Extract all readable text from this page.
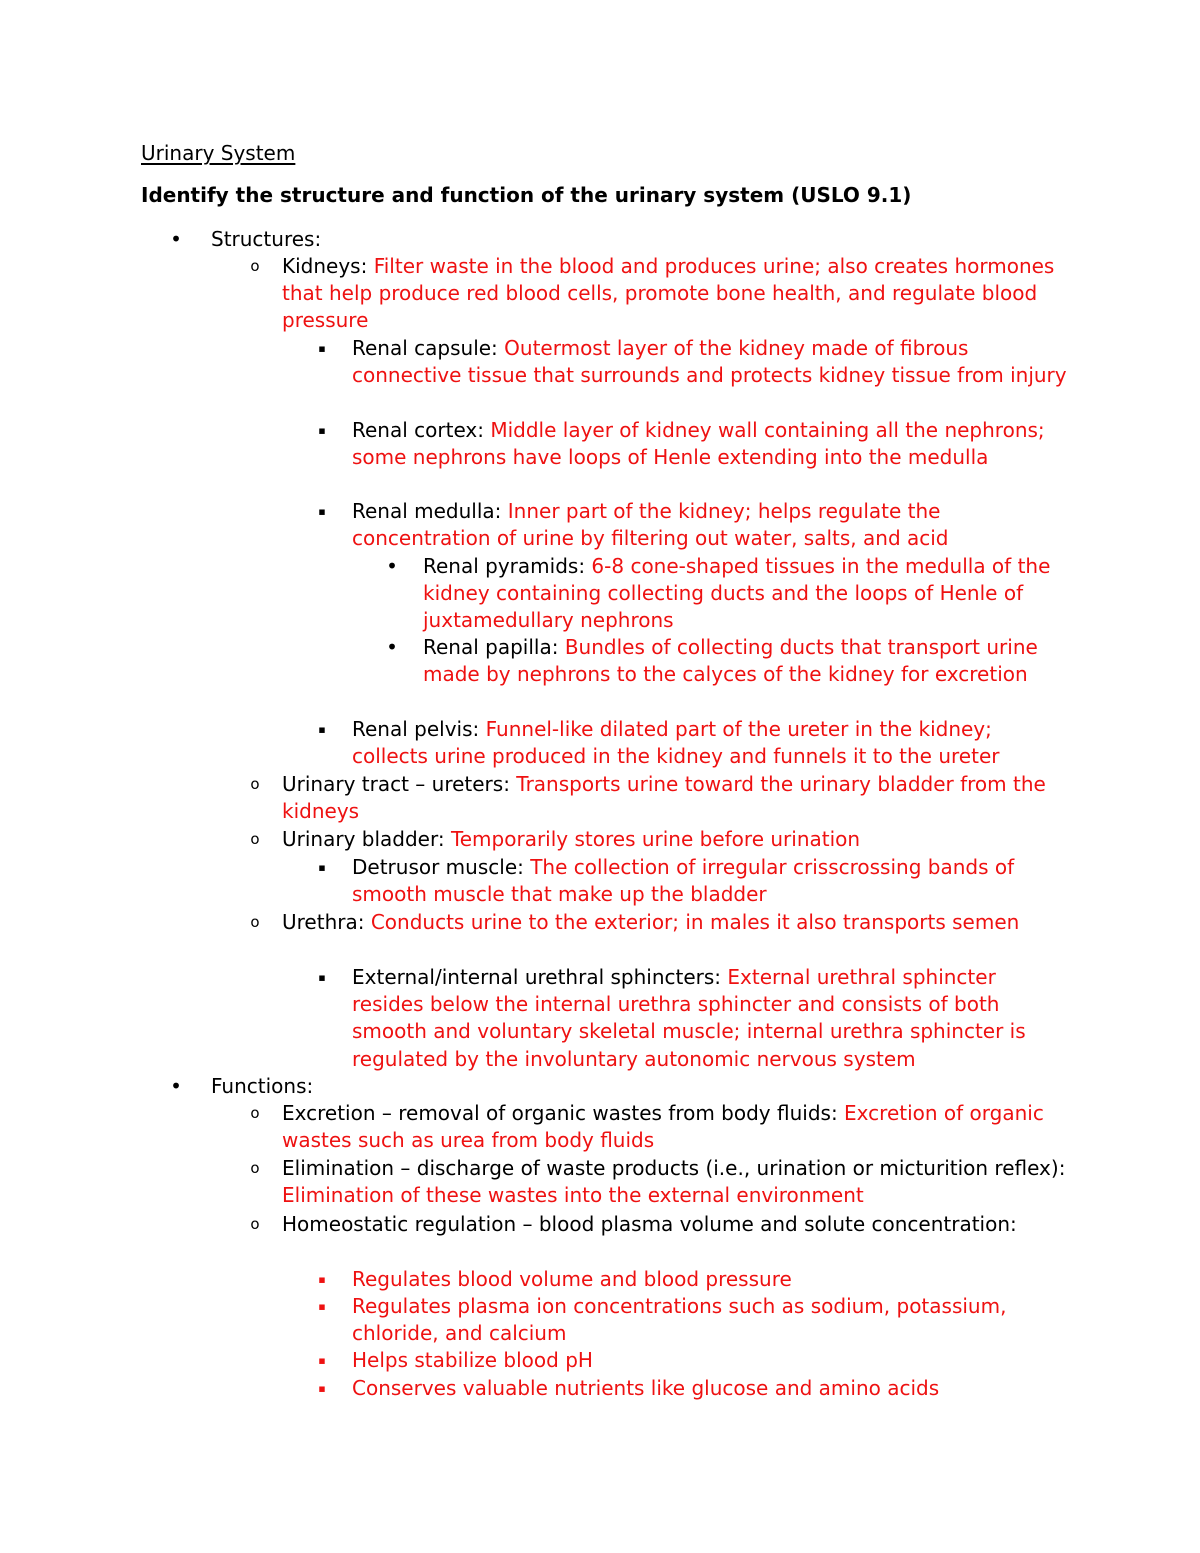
Urinary System
Identify the structure and function of the urinary system (USLO 9.1)
• Structures:
o Kidneys: Filter waste in the blood and produces urine; also creates hormones that help produce red blood cells, promote bone health, and regulate blood pressure
▪	Renal capsule: Outermost layer of the kidney made of fibrous connective tissue that surrounds and protects kidney tissue from injury
▪	Renal cortex: Middle layer of kidney wall containing all the nephrons; some nephrons have loops of Henle extending into the medulla
▪	Renal medulla: Inner part of the kidney; helps regulate the concentration of urine by filtering out water, salts, and acid
• Renal pyramids: 6-8 cone-shaped tissues in the medulla of the kidney containing collecting ducts and the loops of Henle of juxtamedullary nephrons
• Renal papilla: Bundles of collecting ducts that transport urine made by nephrons to the calyces of the kidney for excretion
▪	Renal pelvis: Funnel-like dilated part of the ureter in the kidney; collects urine produced in the kidney and funnels it to the ureter
o Urinary tract – ureters: Transports urine toward the urinary bladder from the kidneys
o Urinary bladder: Temporarily stores urine before urination
▪	Detrusor muscle: The collection of irregular crisscrossing bands of smooth muscle that make up the bladder
o Urethra: Conducts urine to the exterior; in males it also transports semen
▪	External/internal urethral sphincters: External urethral sphincter resides below the internal urethra sphincter and consists of both smooth and voluntary skeletal muscle; internal urethra sphincter is regulated by the involuntary autonomic nervous system
• Functions:
o Excretion – removal of organic wastes from body fluids: Excretion of organic wastes such as urea from body fluids
o Elimination – discharge of waste products (i.e., urination or micturition reflex): Elimination of these wastes into the external environment
o Homeostatic regulation – blood plasma volume and solute concentration:
▪	Regulates blood volume and blood pressure
▪	Regulates plasma ion concentrations such as sodium, potassium, chloride, and calcium
▪	Helps stabilize blood pH
▪	Conserves valuable nutrients like glucose and amino acids
